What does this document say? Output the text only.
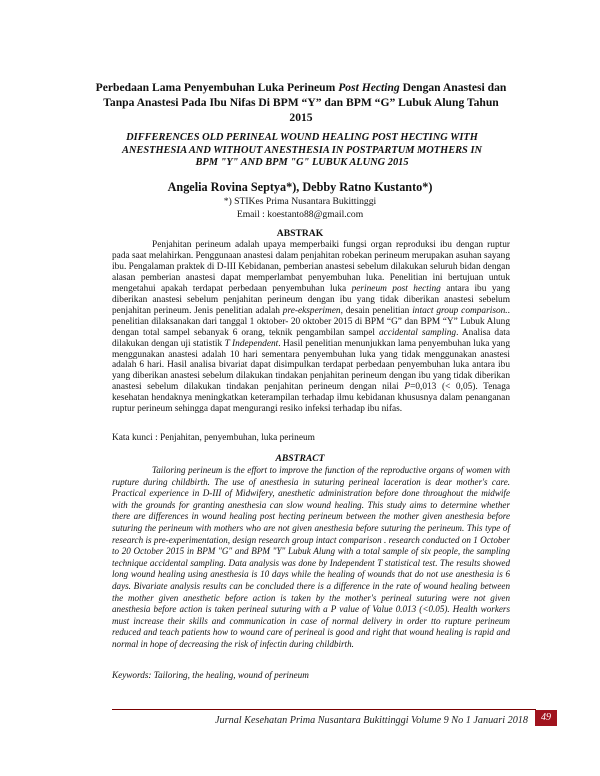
Perbedaan Lama Penyembuhan Luka Perineum Post Hecting Dengan Anastesi dan Tanpa Anastesi Pada Ibu Nifas Di BPM “Y” dan BPM “G” Lubuk Alung Tahun 2015
DIFFERENCES OLD PERINEAL WOUND HEALING POST HECTING WITH ANESTHESIA AND WITHOUT ANESTHESIA IN POSTPARTUM MOTHERS IN BPM "Y" AND BPM "G" LUBUK ALUNG 2015
Angelia Rovina Septya*), Debby Ratno Kustanto*)
*) STIKes Prima Nusantara Bukittinggi
Email : koestanto88@gmail.com
ABSTRAK

Penjahitan perineum adalah upaya memperbaiki fungsi organ reproduksi ibu dengan ruptur pada saat melahirkan. Penggunaan anastesi dalam penjahitan robekan perineum merupakan asuhan sayang ibu. Pengalaman praktek di D-III Kebidanan, pemberian anastesi sebelum dilakukan seluruh bidan dengan alasan pemberian anastesi dapat memperlambat penyembuhan luka. Penelitian ini bertujuan untuk mengetahui apakah terdapat perbedaan penyembuhan luka perineum post hecting antara ibu yang diberikan anastesi sebelum penjahitan perineum dengan ibu yang tidak diberikan anastesi sebelum penjahitan perineum. Jenis penelitian adalah pre-eksperimen, desain penelitian intact group comparison.. penelitian dilaksanakan dari tanggal 1 oktober- 20 oktober 2015 di BPM “G” dan BPM “Y” Lubuk Alung dengan total sampel sebanyak 6 orang, teknik pengambilan sampel accidental sampling. Analisa data dilakukan dengan uji statistik T Independent. Hasil penelitian menunjukkan lama penyembuhan luka yang menggunakan anastesi adalah 10 hari sementara penyembuhan luka yang tidak menggunakan anastesi adalah 6 hari. Hasil analisa bivariat dapat disimpulkan terdapat perbedaan penyembuhan luka antara ibu yang diberikan anastesi sebelum dilakukan tindakan penjahitan perineum dengan ibu yang tidak diberikan anastesi sebelum dilakukan tindakan penjahitan perineum dengan nilai P=0,013 (< 0,05). Tenaga kesehatan hendaknya meningkatkan keterampilan terhadap ilmu kebidanan khususnya dalam penanganan ruptur perineum sehingga dapat mengurangi resiko infeksi terhadap ibu nifas.

Kata kunci : Penjahitan, penyembuhan, luka perineum
ABSTRACT

Tailoring perineum is the effort to improve the function of the reproductive organs of women with rupture during childbirth. The use of anesthesia in suturing perineal laceration is dear mother's care. Practical experience in D-III of Midwifery, anesthetic administration before done throughout the midwife with the grounds for granting anesthesia can slow wound healing. This study aims to determine whether there are differences in wound healing post hecting perineum between the mother given anesthesia before suturing the perineum with mothers who are not given anesthesia before suturing the perineum. This type of research is pre-experimentation, design research group intact comparison . research conducted on 1 October to 20 October 2015 in BPM "G" and BPM "Y" Lubuk Alung with a total sample of six people, the sampling technique accidental sampling. Data analysis was done by Independent T statistical test. The results showed long wound healing using anesthesia is 10 days while the healing of wounds that do not use anesthesia is 6 days. Bivariate analysis results can be concluded there is a difference in the rate of wound healing between the mother given anesthetic before action is taken by the mother's perineal suturing were not given anesthesia before action is taken perineal suturing with a P value of Value 0.013 (<0.05). Health workers must increase their skills and communication in case of normal delivery in order tto rupture perineum reduced and teach patients how to wound care of perineal is good and right that wound healing is rapid and normal in hope of decreasing the risk of infectin during childbirth.

Keywords: Tailoring, the healing, wound of perineum
Jurnal Kesehatan Prima Nusantara Bukittinggi Volume 9 No 1 Januari 2018	49
